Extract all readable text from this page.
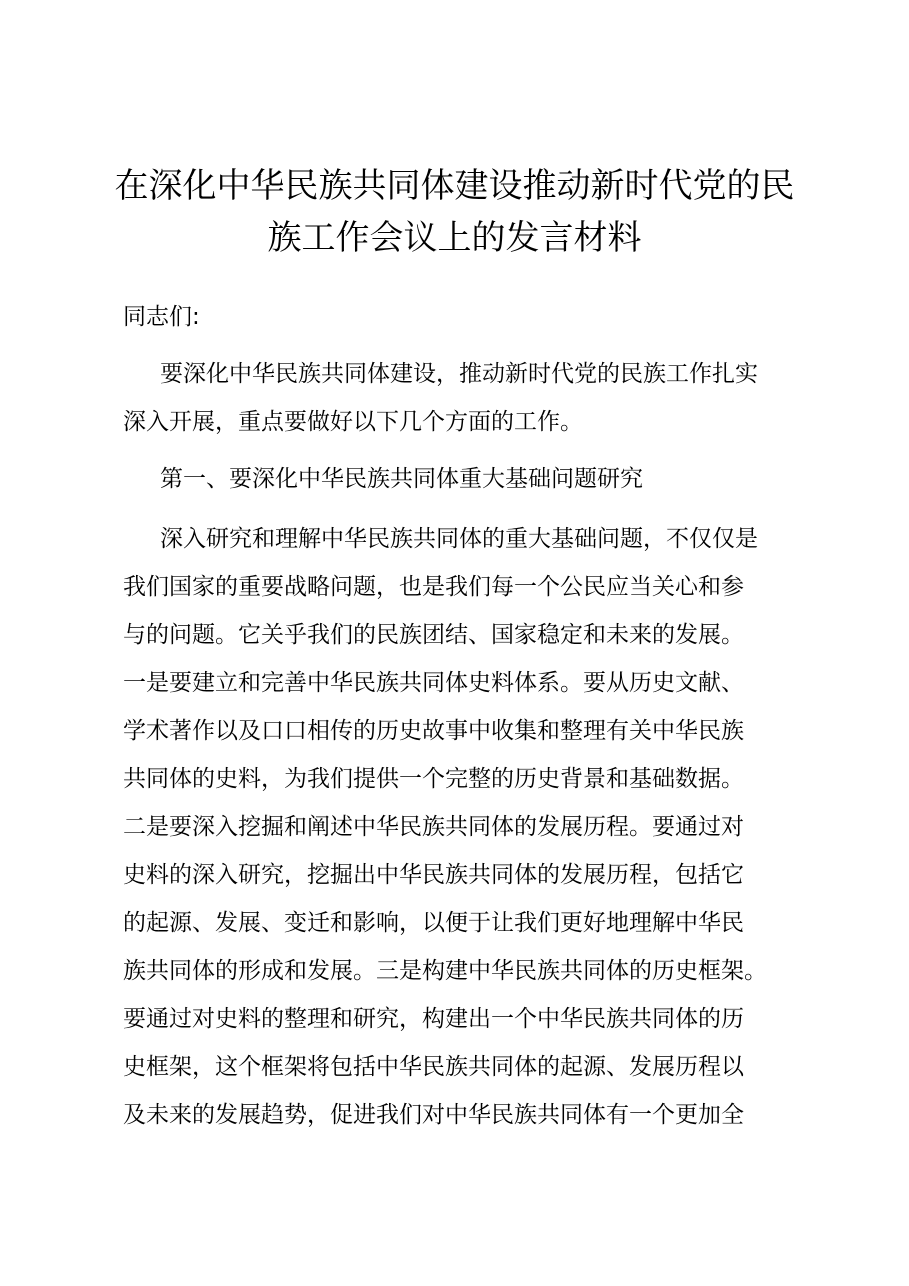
在深化中华民族共同体建设推动新时代党的民
族工作会议上的发言材料

同志们:

要深化中华民族共同体建设，推动新时代党的民族工作扎实
深入开展，重点要做好以下几个方面的工作。

第一、要深化中华民族共同体重大基础问题研究

深入研究和理解中华民族共同体的重大基础问题，不仅仅是
我们国家的重要战略问题，也是我们每一个公民应当关心和参
与的问题。它关乎我们的民族团结、国家稳定和未来的发展。
一是要建立和完善中华民族共同体史料体系。要从历史文献、
学术著作以及口口相传的历史故事中收集和整理有关中华民族
共同体的史料，为我们提供一个完整的历史背景和基础数据。
二是要深入挖掘和阐述中华民族共同体的发展历程。要通过对
史料的深入研究，挖掘出中华民族共同体的发展历程，包括它
的起源、发展、变迁和影响，以便于让我们更好地理解中华民
族共同体的形成和发展。三是构建中华民族共同体的历史框架。
要通过对史料的整理和研究，构建出一个中华民族共同体的历
史框架，这个框架将包括中华民族共同体的起源、发展历程以
及未来的发展趋势，促进我们对中华民族共同体有一个更加全
